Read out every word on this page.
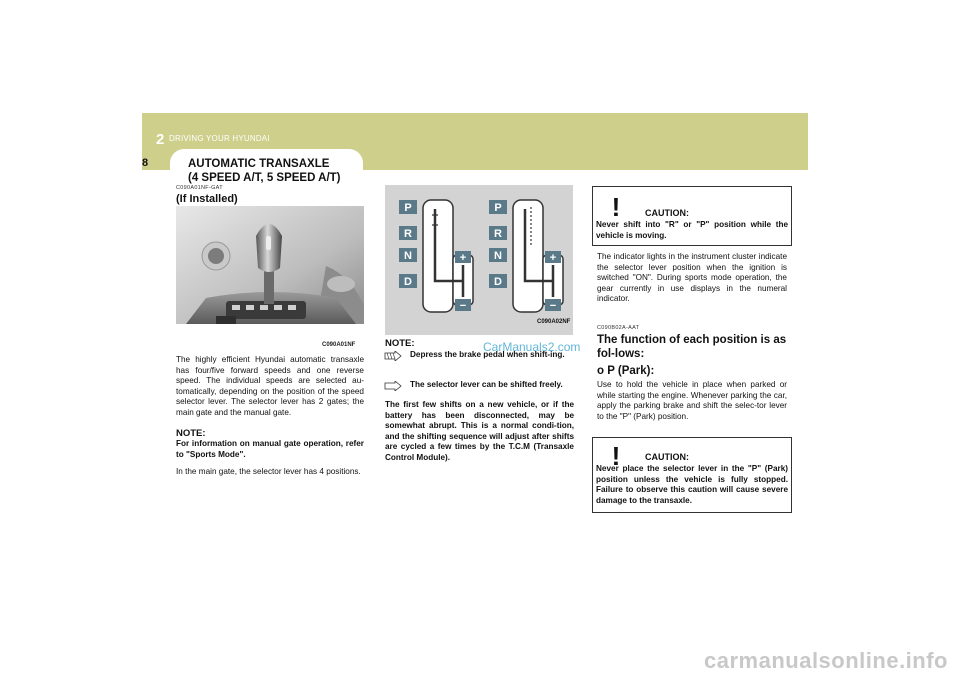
2 DRIVING YOUR HYUNDAI
8	AUTOMATIC TRANSAXLE
(4 SPEED A/T, 5 SPEED A/T)
C090A01NF-GAT
(If Installed)
C090A01NF
The highly efficient Hyundai automatic transaxle has four/five forward speeds and one reverse speed. The individual speeds are selected au-tomatically, depending on the position of the speed selector lever. The selector lever has 2 gates; the main gate and the manual gate.
NOTE:
For information on manual gate operation, refer to "Sports Mode".
In the main gate, the selector lever has 4 positions.
P
R
N
D
+
−
P
R
N
D
+
−
C090A02NF
CarManuals2.com
NOTE:
Depress the brake pedal when shift-ing.
The selector lever can be shifted freely.
The first few shifts on a new vehicle, or if the battery has been disconnected, may be somewhat abrupt. This is a normal condi-tion, and the shifting sequence will adjust after shifts are cycled a few times by the T.C.M (Transaxle Control Module).
!	CAUTION:
Never shift into "R" or "P" position while the vehicle is moving.
The indicator lights in the instrument cluster indicate the selector lever position when the ignition is switched "ON". During sports mode operation, the gear currently in use displays in the numeral indicator.
C090B02A-AAT
The function of each position is as fol-lows:
o P (Park):
Use to hold the vehicle in place when parked or while starting the engine. Whenever parking the car, apply the parking brake and shift the selec-tor lever to the "P" (Park) position.
!	CAUTION:
Never place the selector lever in the "P" (Park) position unless the vehicle is fully stopped. Failure to observe this caution will cause severe damage to the transaxle.
carmanualsonline.info
